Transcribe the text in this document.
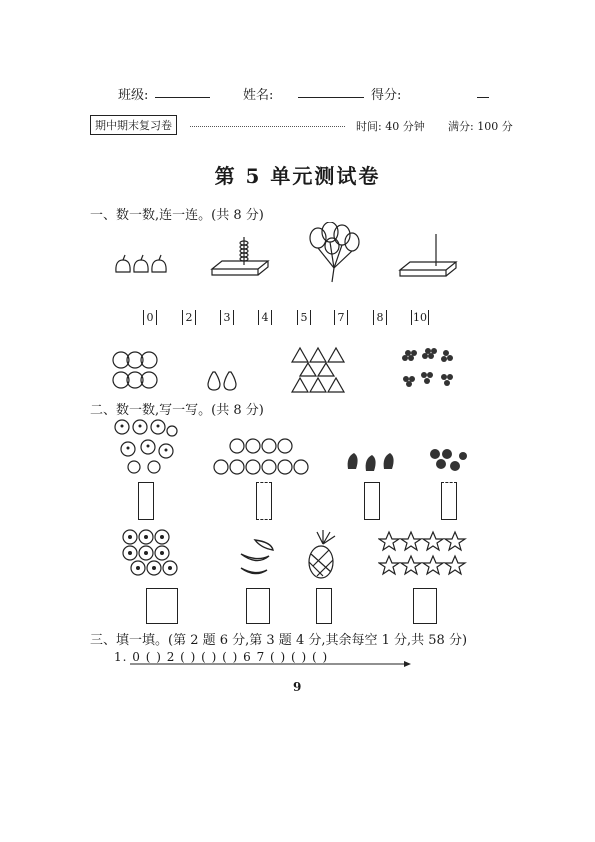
班级:	姓名:	得分:
期中期末复习卷	时间: 40 分钟 满分: 100 分
第 5 单元测试卷
一、数一数,连一连。(共 8 分)
0	2	3	4	5	7	8	10
二、数一数,写一写。(共 8 分)
三、填一填。(第 2 题 6 分,第 3 题 4 分,其余每空 1 分,共 58 分)
1. 0 ( ) 2 ( ) ( ) ( ) 6 7 ( ) ( ) ( )
9
